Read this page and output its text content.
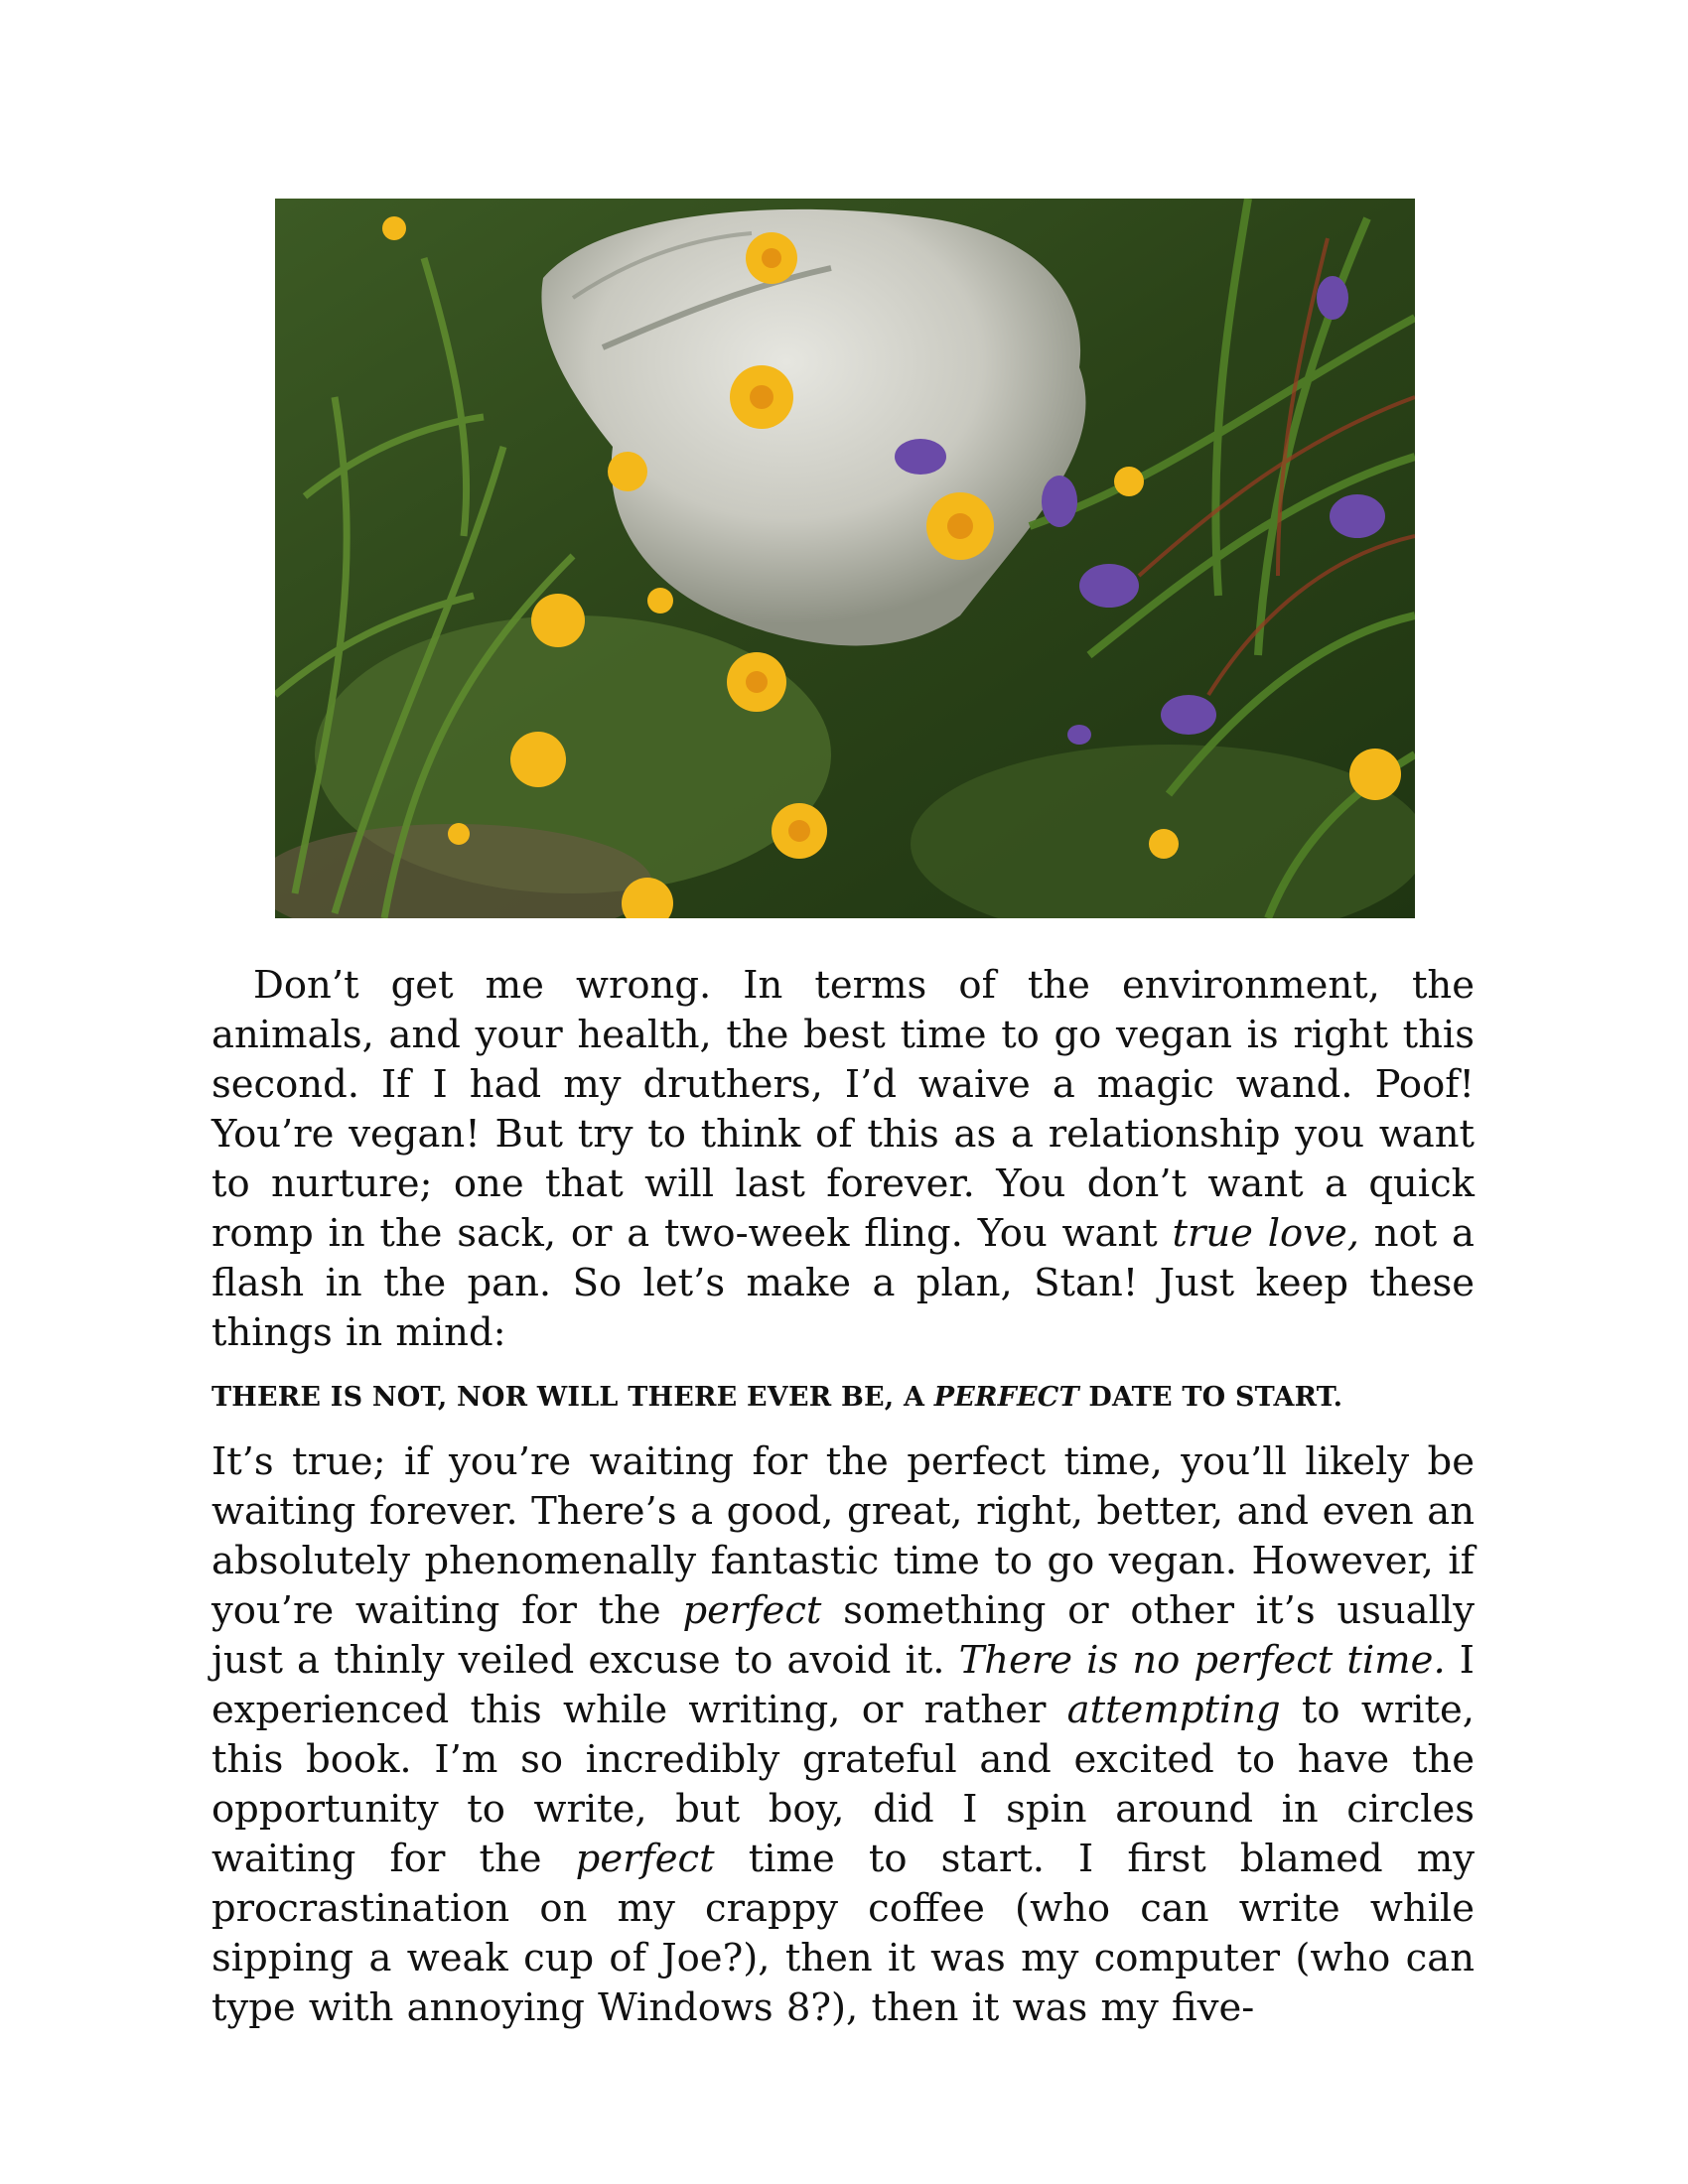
Don’t get me wrong. In terms of the environment, the animals, and your health, the best time to go vegan is right this second. If I had my druthers, I’d waive a magic wand. Poof! You’re vegan! But try to think of this as a relationship you want to nurture; one that will last forever. You don’t want a quick romp in the sack, or a two-week fling. You want true love, not a flash in the pan. So let’s make a plan, Stan! Just keep these things in mind:
THERE IS NOT, NOR WILL THERE EVER BE, A PERFECT DATE TO START.
It’s true; if you’re waiting for the perfect time, you’ll likely be waiting forever. There’s a good, great, right, better, and even an absolutely phenomenally fantastic time to go vegan. However, if you’re waiting for the perfect something or other it’s usually just a thinly veiled excuse to avoid it. There is no perfect time. I experienced this while writing, or rather attempting to write, this book. I’m so incredibly grateful and excited to have the opportunity to write, but boy, did I spin around in circles waiting for the perfect time to start. I first blamed my procrastination on my crappy coffee (who can write while sipping a weak cup of Joe?), then it was my computer (who can type with annoying Windows 8?), then it was my five-
